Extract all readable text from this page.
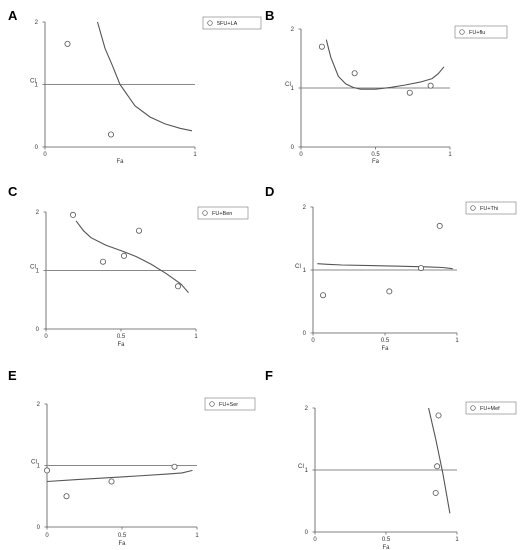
A
0	1
0
1
2
Fa
CI
5FU+LA
B
0	0.5	1
0
1
2
Fa
CI
FU+flu
C
0	0.5	1
0
1
2
Fa
CI
FU+Ben
D
0	0.5	1
0
1
2
Fa
CI
FU+Thi
E
0	0.5	1
0
1
2
Fa
CI
FU+Ser
F
0	0.5	1
0
1
2
Fa
CI
FU+Mef
